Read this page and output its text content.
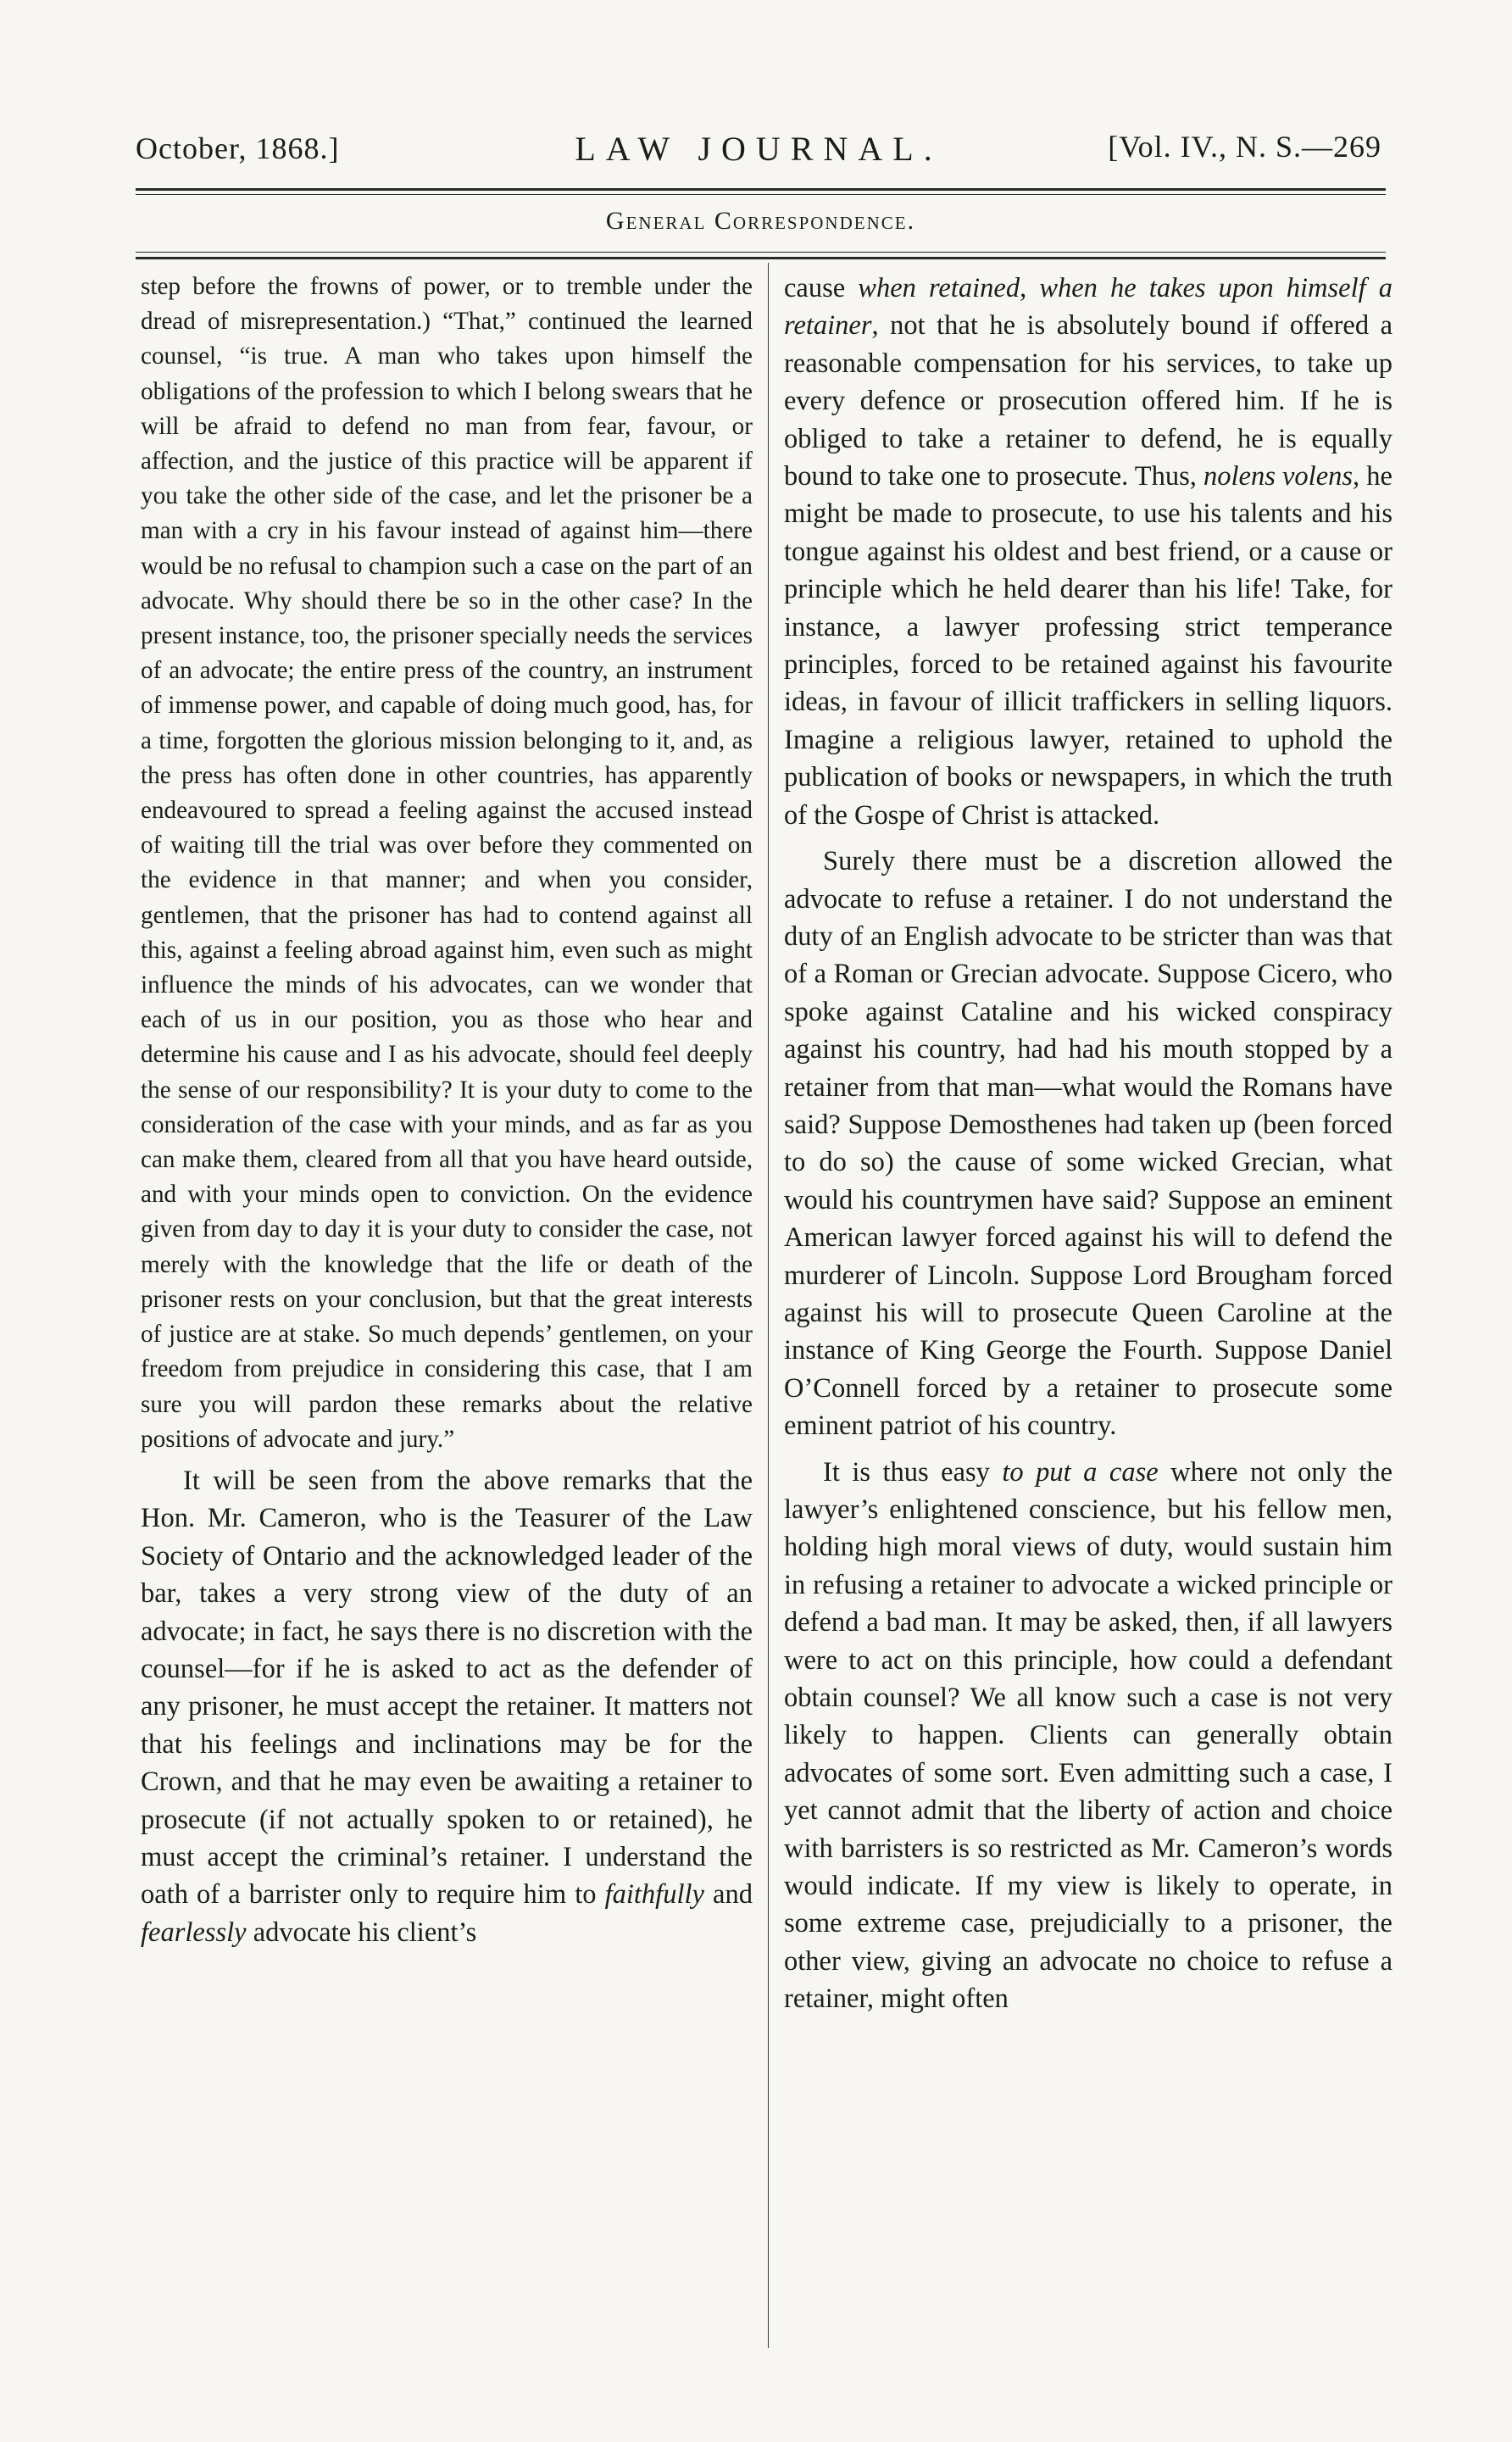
October, 1868.]	LAW JOURNAL.	[Vol. IV., N. S.—269
General Correspondence.

step before the frowns of power, or to tremble under the dread of misrepresentation.) “That,” continued the learned counsel, “is true. A man who takes upon himself the obligations of the profession to which I belong swears that he will be afraid to defend no man from fear, favour, or affection, and the justice of this practice will be apparent if you take the other side of the case, and let the prisoner be a man with a cry in his favour instead of against him—there would be no refusal to champion such a case on the part of an advocate. Why should there be so in the other case? In the present instance, too, the prisoner specially needs the services of an advocate; the entire press of the country, an instrument of immense power, and capable of doing much good, has, for a time, forgotten the glorious mission belonging to it, and, as the press has often done in other countries, has apparently endeavoured to spread a feeling against the accused instead of waiting till the trial was over before they commented on the evidence in that manner; and when you consider, gentlemen, that the prisoner has had to contend against all this, against a feeling abroad against him, even such as might influence the minds of his advocates, can we wonder that each of us in our position, you as those who hear and determine his cause and I as his advocate, should feel deeply the sense of our responsibility? It is your duty to come to the consideration of the case with your minds, and as far as you can make them, cleared from all that you have heard outside, and with your minds open to conviction. On the evidence given from day to day it is your duty to consider the case, not merely with the knowledge that the life or death of the prisoner rests on your conclusion, but that the great interests of justice are at stake. So much depends’ gentlemen, on your freedom from prejudice in considering this case, that I am sure you will pardon these remarks about the relative positions of advocate and jury.”

It will be seen from the above remarks that the Hon. Mr. Cameron, who is the Teasurer of the Law Society of Ontario and the acknowledged leader of the bar, takes a very strong view of the duty of an advocate; in fact, he says there is no discretion with the counsel—for if he is asked to act as the defender of any prisoner, he must accept the retainer. It matters not that his feelings and inclinations may be for the Crown, and that he may even be awaiting a retainer to prosecute (if not actually spoken to or retained), he must accept the criminal’s retainer. I understand the oath of a barrister only to require him to faithfully and fearlessly advocate his client’s

cause when retained, when he takes upon himself a retainer, not that he is absolutely bound if offered a reasonable compensation for his services, to take up every defence or prosecution offered him. If he is obliged to take a retainer to defend, he is equally bound to take one to prosecute. Thus, nolens volens, he might be made to prosecute, to use his talents and his tongue against his oldest and best friend, or a cause or principle which he held dearer than his life! Take, for instance, a lawyer professing strict temperance principles, forced to be retained against his favourite ideas, in favour of illicit traffickers in selling liquors. Imagine a religious lawyer, retained to uphold the publication of books or newspapers, in which the truth of the Gospe of Christ is attacked.

Surely there must be a discretion allowed the advocate to refuse a retainer. I do not understand the duty of an English advocate to be stricter than was that of a Roman or Grecian advocate. Suppose Cicero, who spoke against Cataline and his wicked conspiracy against his country, had had his mouth stopped by a retainer from that man—what would the Romans have said? Suppose Demosthenes had taken up (been forced to do so) the cause of some wicked Grecian, what would his countrymen have said? Suppose an eminent American lawyer forced against his will to defend the murderer of Lincoln. Suppose Lord Brougham forced against his will to prosecute Queen Caroline at the instance of King George the Fourth. Suppose Daniel O’Connell forced by a retainer to prosecute some eminent patriot of his country.

It is thus easy to put a case where not only the lawyer’s enlightened conscience, but his fellow men, holding high moral views of duty, would sustain him in refusing a retainer to advocate a wicked principle or defend a bad man. It may be asked, then, if all lawyers were to act on this principle, how could a defendant obtain counsel? We all know such a case is not very likely to happen. Clients can generally obtain advocates of some sort. Even admitting such a case, I yet cannot admit that the liberty of action and choice with barristers is so restricted as Mr. Cameron’s words would indicate. If my view is likely to operate, in some extreme case, prejudicially to a prisoner, the other view, giving an advocate no choice to refuse a retainer, might often
